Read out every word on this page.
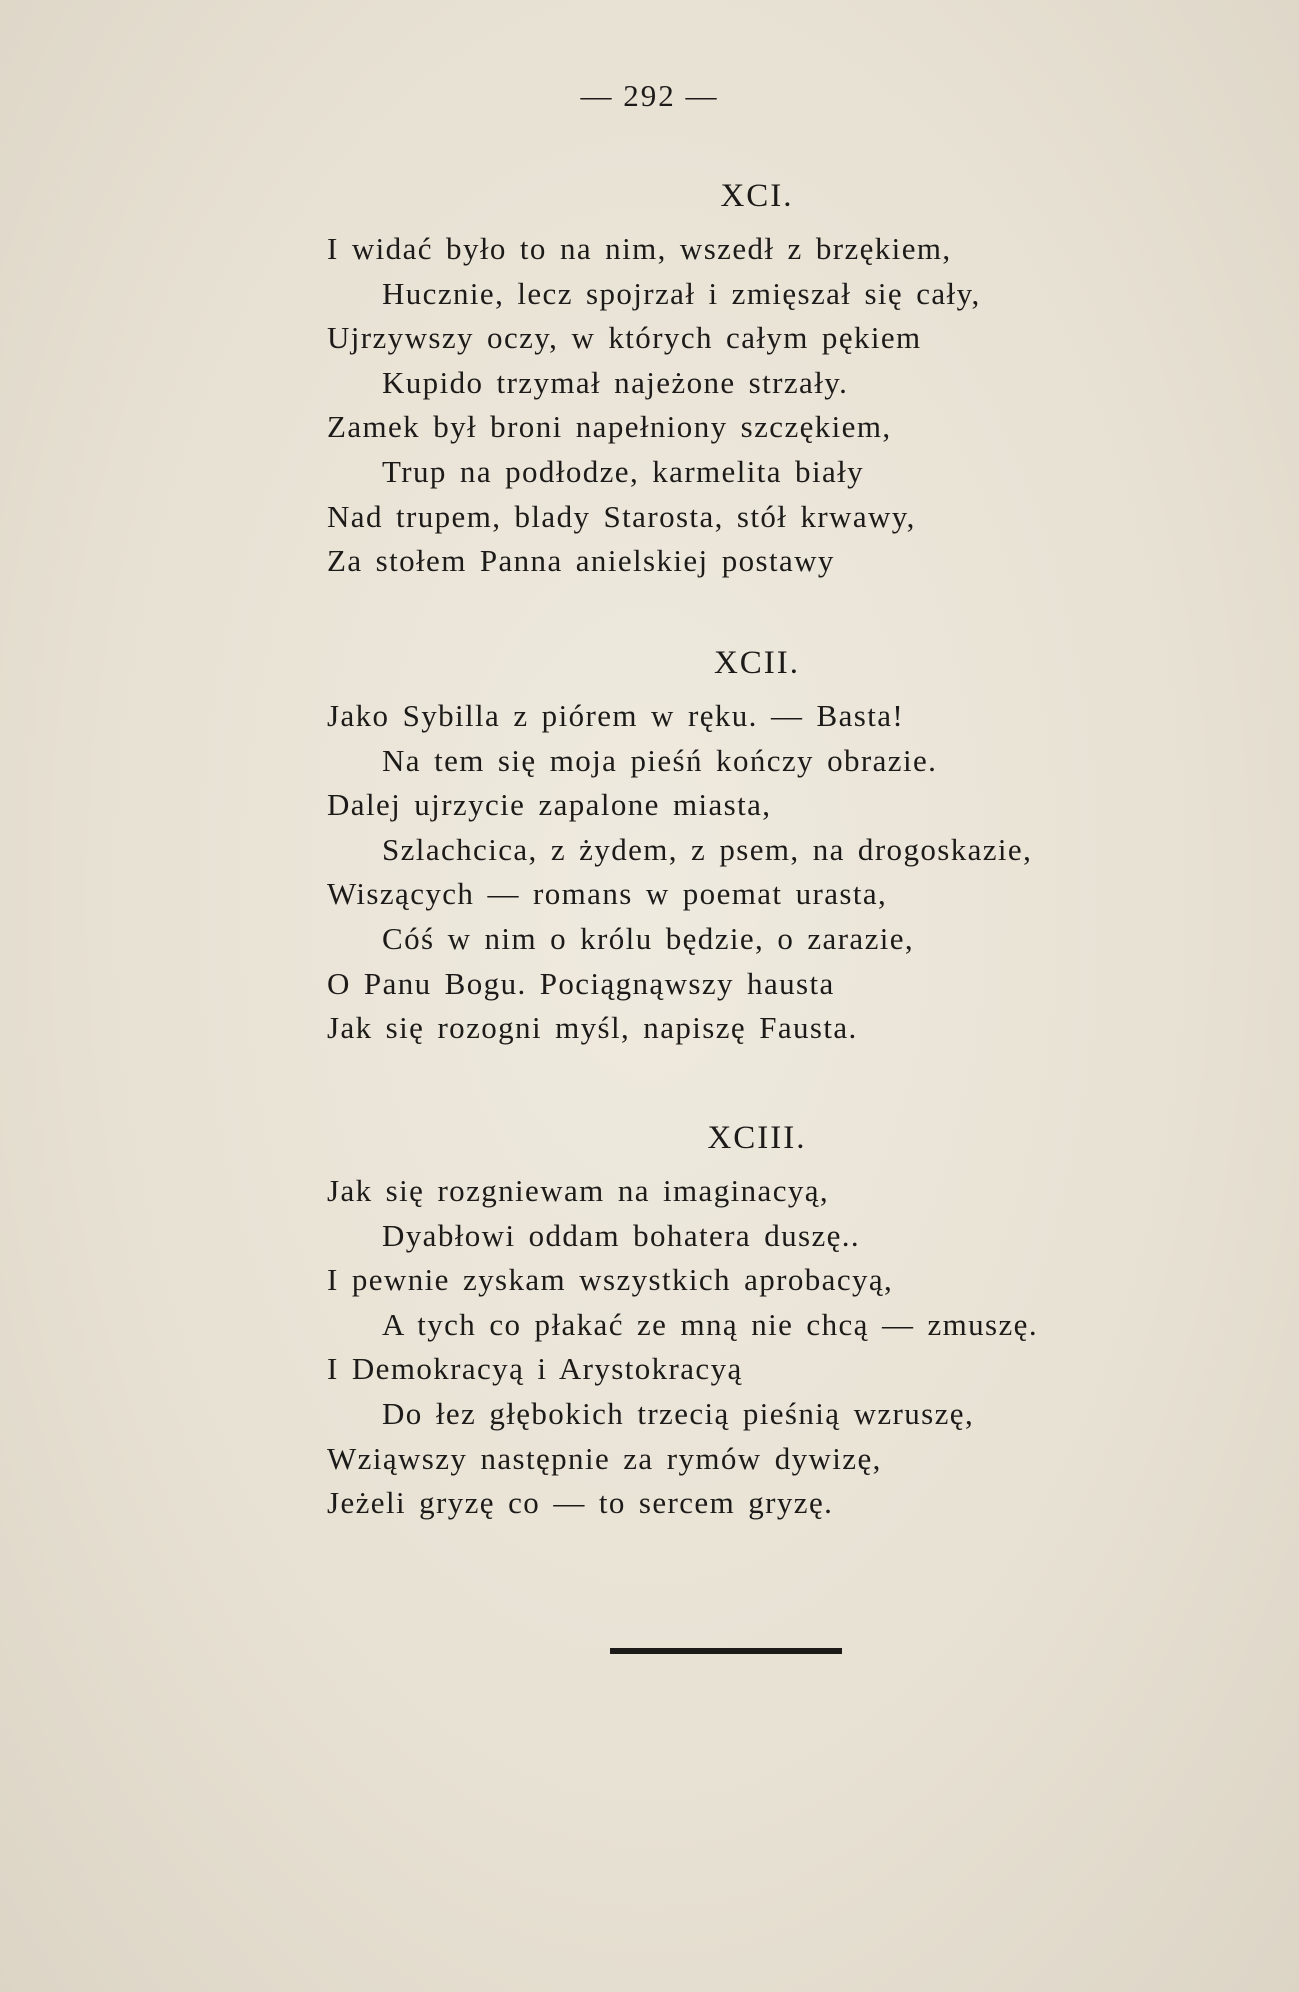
— 292 —
XCI.
I widać było to na nim, wszedł z brzękiem,
Hucznie, lecz spojrzał i zmięszał się cały,
Ujrzywszy oczy, w których całym pękiem
Kupido trzymał najeżone strzały.
Zamek był broni napełniony szczękiem,
Trup na podłodze, karmelita biały
Nad trupem, blady Starosta, stół krwawy,
Za stołem Panna anielskiej postawy
XCII.
Jako Sybilla z piórem w ręku. — Basta!
Na tem się moja pieśń kończy obrazie.
Dalej ujrzycie zapalone miasta,
Szlachcica, z żydem, z psem, na drogoskazie,
Wiszących — romans w poemat urasta,
Cóś w nim o królu będzie, o zarazie,
O Panu Bogu. Pociągnąwszy hausta
Jak się rozogni myśl, napiszę Fausta.
XCIII.
Jak się rozgniewam na imaginacyą,
Dyabłowi oddam bohatera duszę..
I pewnie zyskam wszystkich aprobacyą,
A tych co płakać ze mną nie chcą — zmuszę.
I Demokracyą i Arystokracyą
Do łez głębokich trzecią pieśnią wzruszę,
Wziąwszy następnie za rymów dywizę,
Jeżeli gryzę co — to sercem gryzę.
